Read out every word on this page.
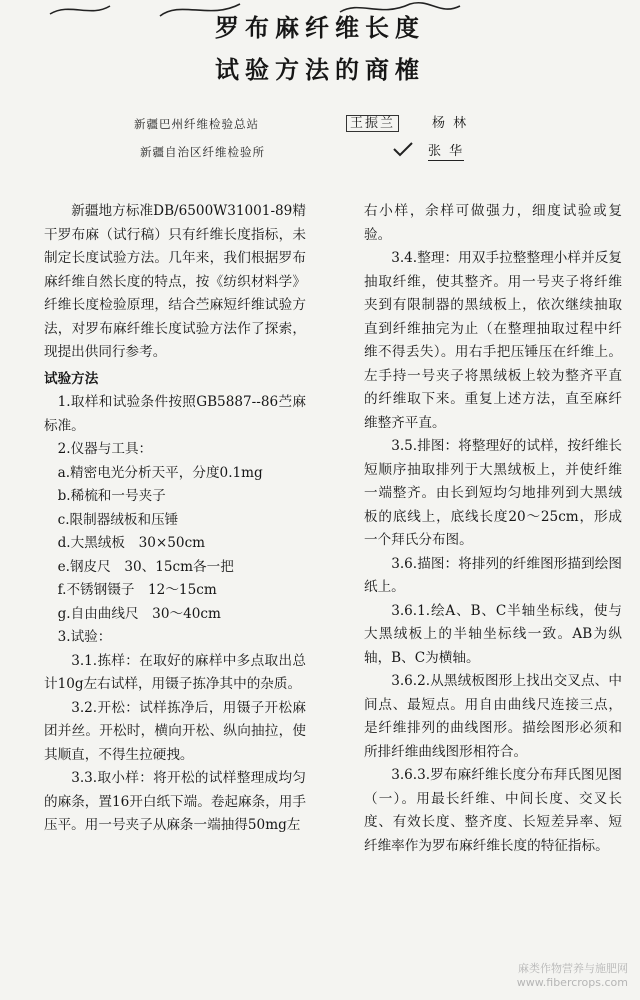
罗布麻纤维长度
试验方法的商榷
新疆巴州纤维检验总站
新疆自治区纤维检验所
王振兰	杨 林
张 华

新疆地方标准DB/6500W31001-89精干罗布麻（试行稿）只有纤维长度指标，未制定长度试验方法。几年来，我们根据罗布麻纤维自然长度的特点，按《纺织材料学》纤维长度检验原理，结合苎麻短纤维试验方法，对罗布麻纤维长度试验方法作了探索，现提出供同行参考。

试验方法

1.取样和试验条件按照GB5887--86苎麻标准。

2.仪器与工具：

a.精密电光分析天平，分度0.1mg

b.稀梳和一号夹子

c.限制器绒板和压锤

d.大黑绒板　30×50cm

e.钢皮尺　30、15cm各一把

f.不锈钢镊子　12～15cm

g.自由曲线尺　30～40cm

3.试验：

3.1.拣样：在取好的麻样中多点取出总计10g左右试样，用镊子拣净其中的杂质。

3.2.开松：试样拣净后，用镊子开松麻团并丝。开松时，横向开松、纵向抽拉，使其顺直，不得生拉硬拽。

3.3.取小样：将开松的试样整理成均匀的麻条，置16开白纸下端。卷起麻条，用手压平。用一号夹子从麻条一端抽得50mg左

右小样，余样可做强力，细度试验或复验。

3.4.整理：用双手拉整整理小样并反复抽取纤维，使其整齐。用一号夹子将纤维夹到有限制器的黑绒板上，依次继续抽取直到纤维抽完为止（在整理抽取过程中纤维不得丢失）。用右手把压锤压在纤维上。左手持一号夹子将黑绒板上较为整齐平直的纤维取下来。重复上述方法，直至麻纤维整齐平直。

3.5.排图：将整理好的试样，按纤维长短顺序抽取排列于大黑绒板上，并使纤维一端整齐。由长到短均匀地排列到大黑绒板的底线上，底线长度20～25cm，形成一个拜氏分布图。

3.6.描图：将排列的纤维图形描到绘图纸上。

3.6.1.绘A、B、C半轴坐标线，使与大黑绒板上的半轴坐标线一致。AB为纵轴，B、C为横轴。

3.6.2.从黑绒板图形上找出交叉点、中间点、最短点。用自由曲线尺连接三点，是纤维排列的曲线图形。描绘图形必须和所排纤维曲线图形相符合。

3.6.3.罗布麻纤维长度分布拜氏图见图（一）。用最长纤维、中间长度、交叉长度、有效长度、整齐度、长短差异率、短纤维率作为罗布麻纤维长度的特征指标。

麻类作物营养与施肥网
www.fibercrops.com
